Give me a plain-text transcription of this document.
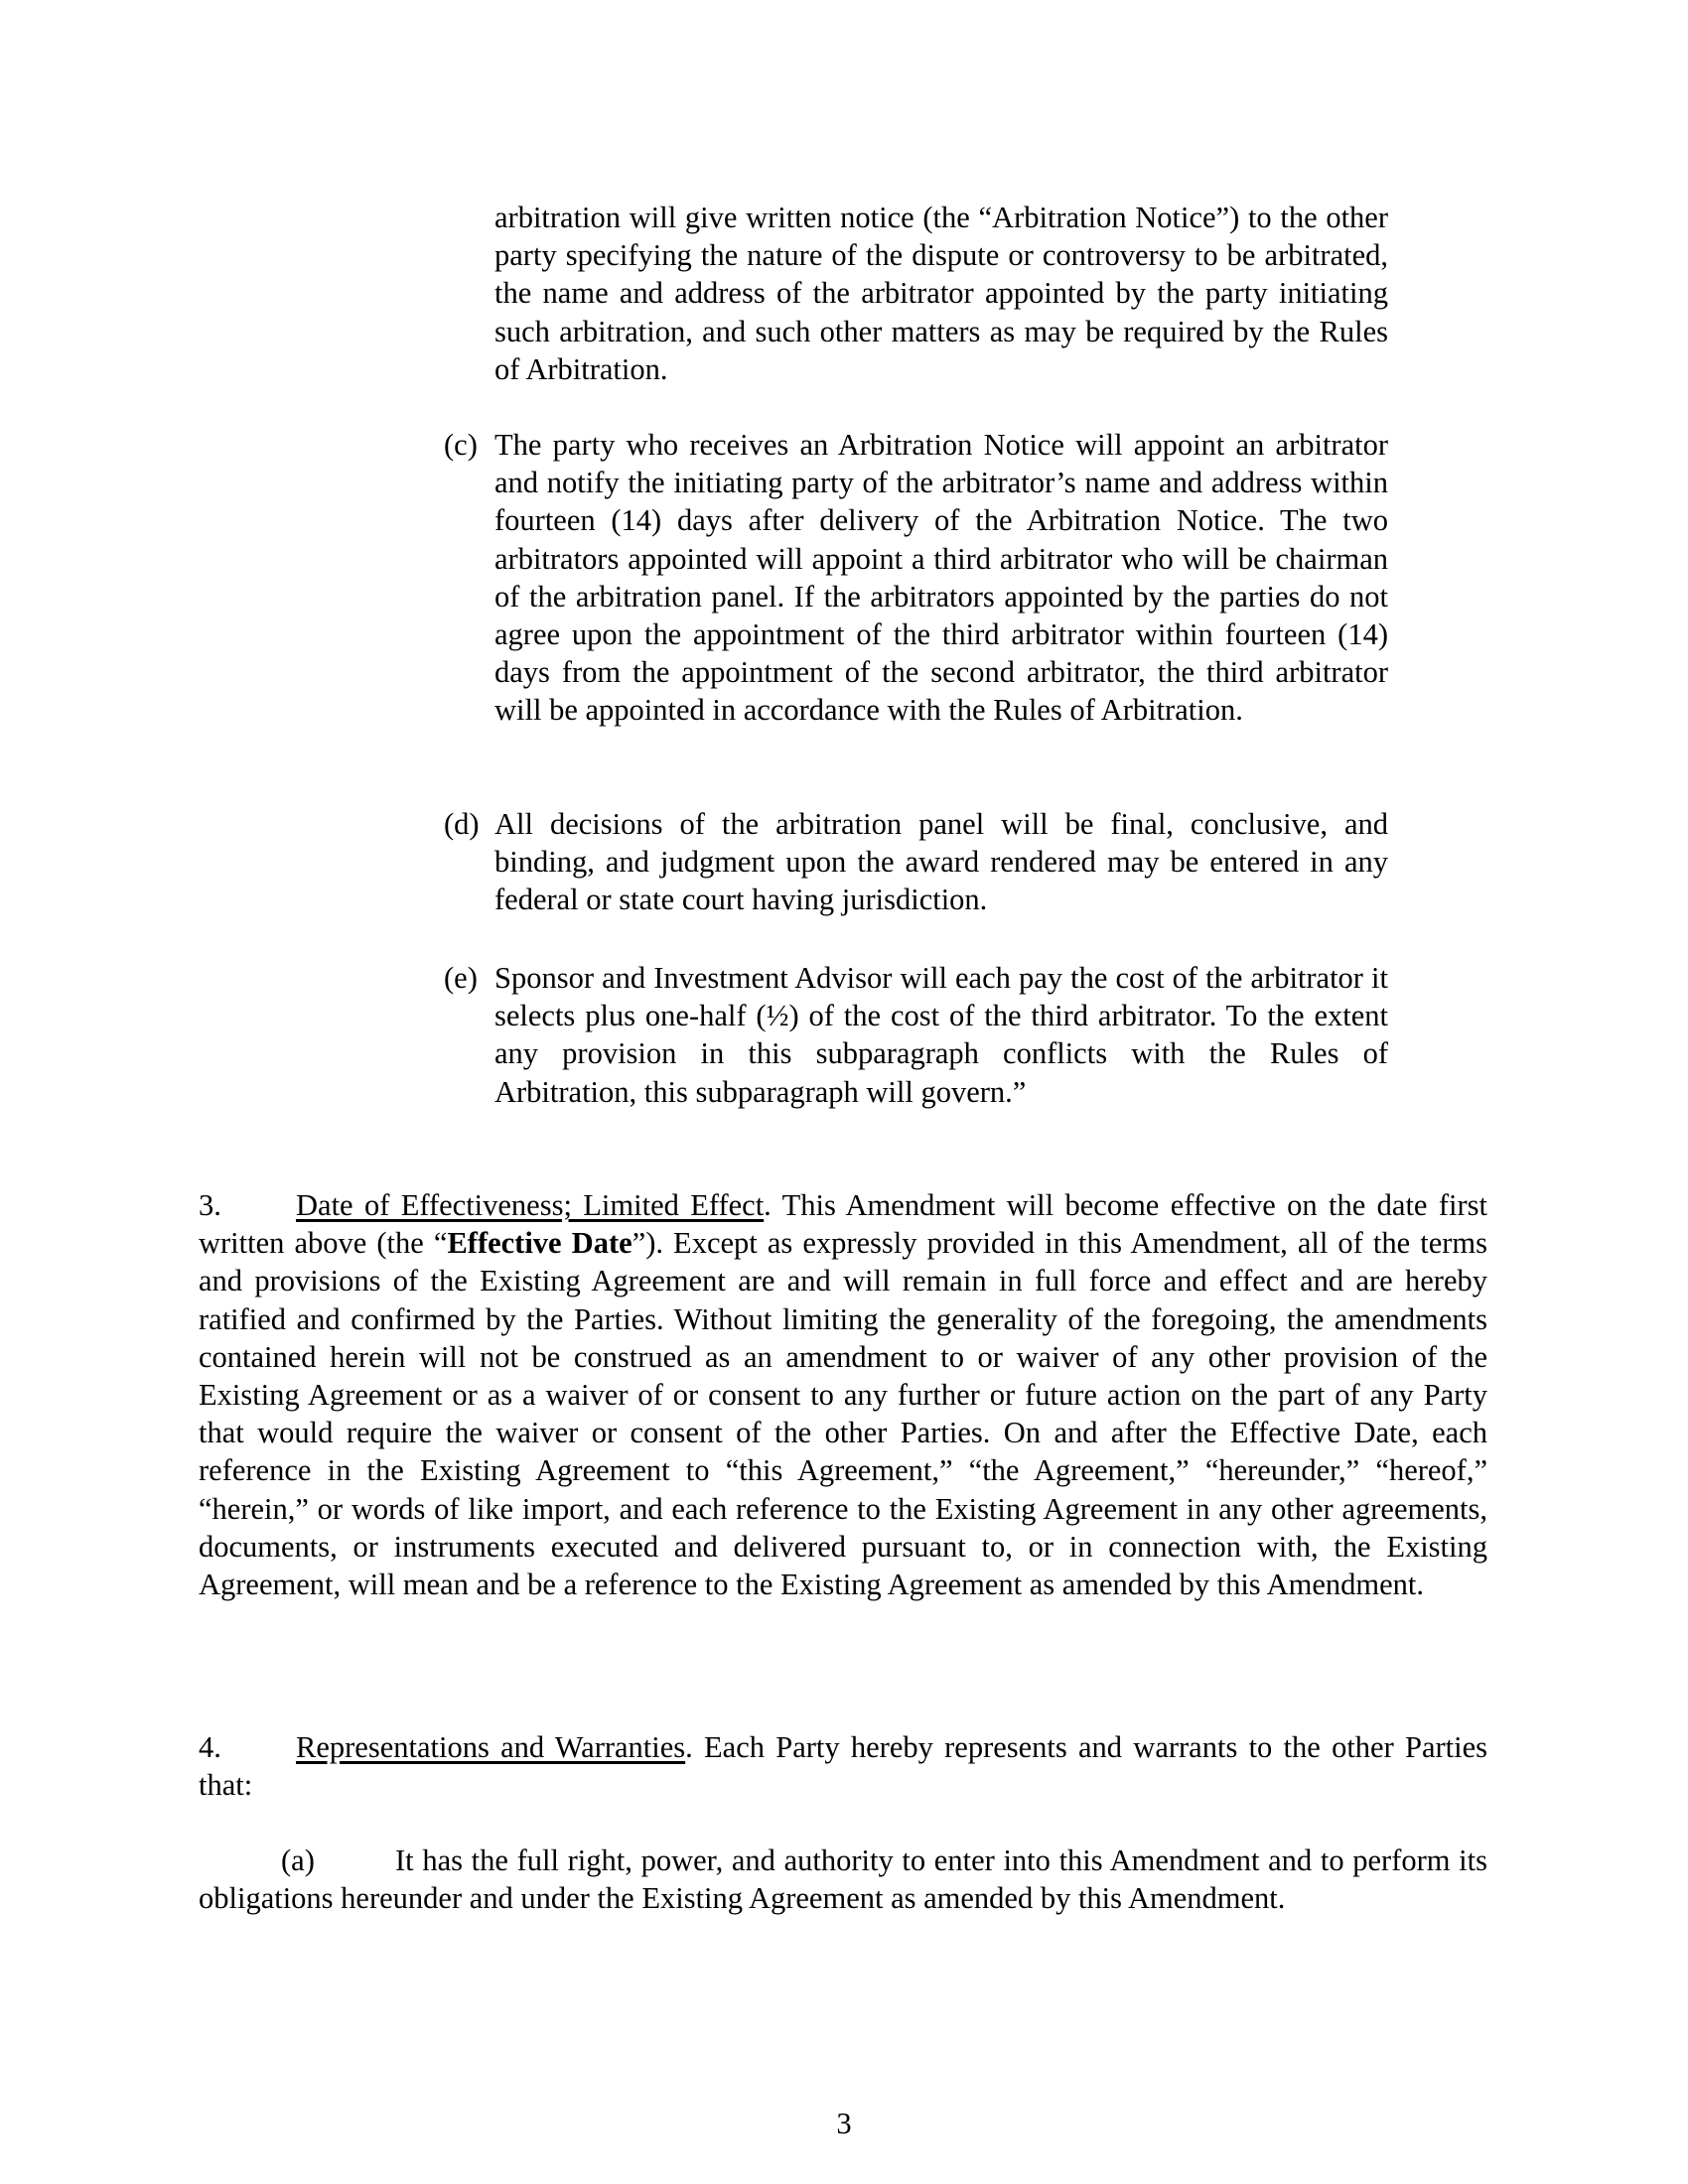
arbitration will give written notice (the “Arbitration Notice”) to the other party specifying the nature of the dispute or controversy to be arbitrated, the name and address of the arbitrator appointed by the party initiating such arbitration, and such other matters as may be required by the Rules of Arbitration.

(c) The party who receives an Arbitration Notice will appoint an arbitrator and notify the initiating party of the arbitrator’s name and address within fourteen (14) days after delivery of the Arbitration Notice. The two arbitrators appointed will appoint a third arbitrator who will be chairman of the arbitration panel. If the arbitrators appointed by the parties do not agree upon the appointment of the third arbitrator within fourteen (14) days from the appointment of the second arbitrator, the third arbitrator will be appointed in accordance with the Rules of Arbitration.
(d) All decisions of the arbitration panel will be final, conclusive, and binding, and judgment upon the award rendered may be entered in any federal or state court having jurisdiction.
(e) Sponsor and Investment Advisor will each pay the cost of the arbitrator it selects plus one-half (½) of the cost of the third arbitrator. To the extent any provision in this subparagraph conflicts with the Rules of Arbitration, this subparagraph will govern.”

3. Date of Effectiveness; Limited Effect. This Amendment will become effective on the date first written above (the “Effective Date”). Except as expressly provided in this Amendment, all of the terms and provisions of the Existing Agreement are and will remain in full force and effect and are hereby ratified and confirmed by the Parties. Without limiting the generality of the foregoing, the amendments contained herein will not be construed as an amendment to or waiver of any other provision of the Existing Agreement or as a waiver of or consent to any further or future action on the part of any Party that would require the waiver or consent of the other Parties. On and after the Effective Date, each reference in the Existing Agreement to “this Agreement,” “the Agreement,” “hereunder,” “hereof,” “herein,” or words of like import, and each reference to the Existing Agreement in any other agreements, documents, or instruments executed and delivered pursuant to, or in connection with, the Existing Agreement, will mean and be a reference to the Existing Agreement as amended by this Amendment.

4. Representations and Warranties. Each Party hereby represents and warrants to the other Parties that:

(a)	It has the full right, power, and authority to enter into this Amendment and to perform its obligations hereunder and under the Existing Agreement as amended by this Amendment.

3
